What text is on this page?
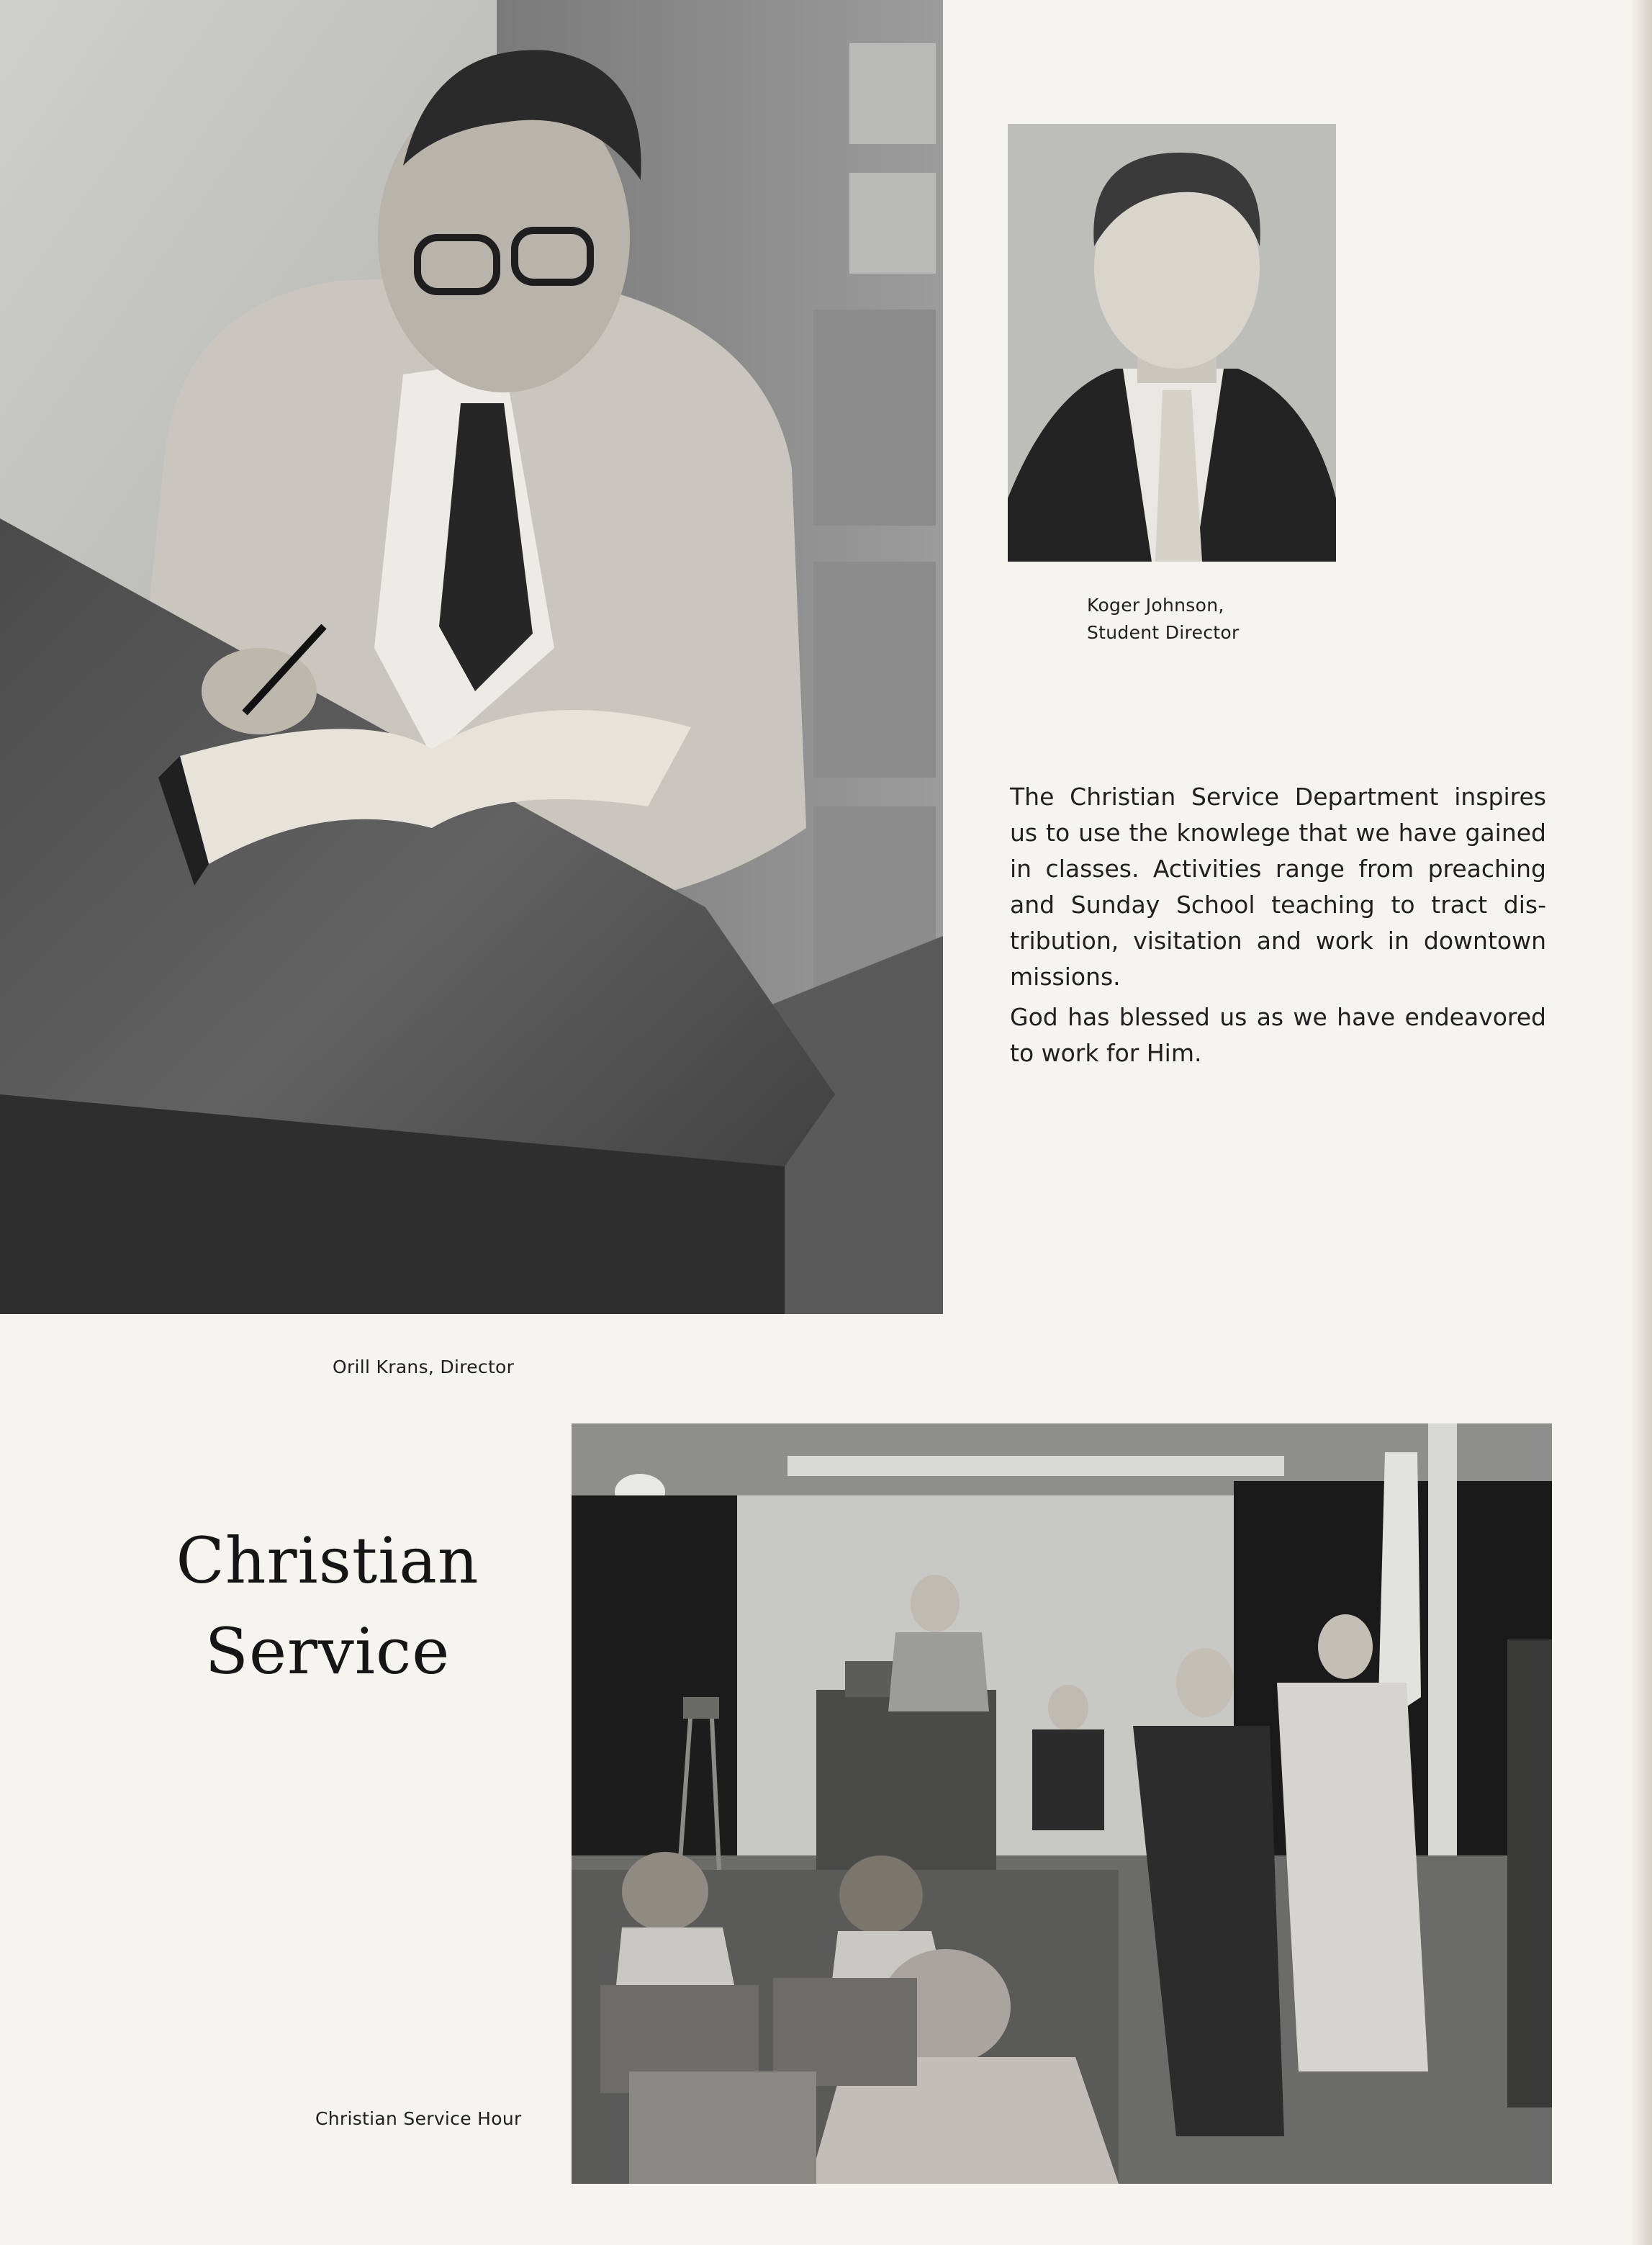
Orill Krans, Director
Koger Johnson,
Student Director

The Christian Service Department inspires us to use the knowlege that we have gained in classes. Activities range from preaching and Sunday School teaching to tract dis-tribution, visitation and work in downtown missions.

God has blessed us as we have endeavored to work for Him.

Christian
Service
Christian Service Hour
